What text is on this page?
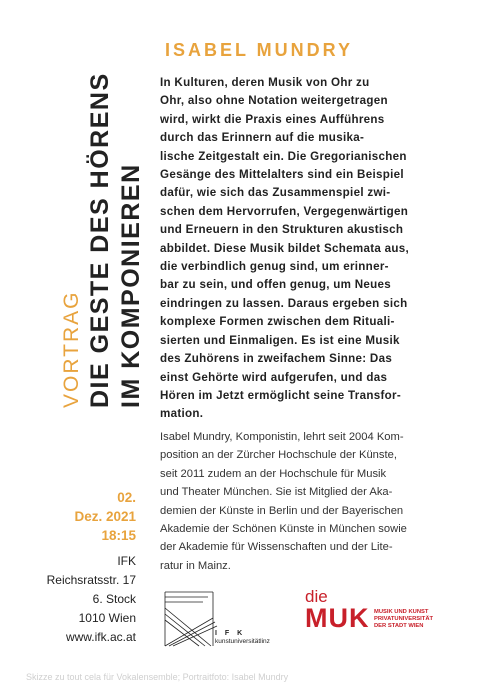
VORTRAG DIE GESTE DES HÖRENS IM KOMPONIEREN
ISABEL MUNDRY
In Kulturen, deren Musik von Ohr zu
Ohr, also ohne Notation weitergetragen
wird, wirkt die Praxis eines Aufführens
durch das Erinnern auf die musika-
lische Zeitgestalt ein. Die Gregorianischen
Gesänge des Mittelalters sind ein Beispiel
dafür, wie sich das Zusammenspiel zwi-
schen dem Hervorrufen, Vergegenwärtigen
und Erneuern in den Strukturen akustisch
abbildet. Diese Musik bildet Schemata aus,
die verbindlich genug sind, um erinner-
bar zu sein, und offen genug, um Neues
eindringen zu lassen. Daraus ergeben sich
komplexe Formen zwischen dem Rituali-
sierten und Einmaligen. Es ist eine Musik
des Zuhörens in zweifachem Sinne: Das
einst Gehörte wird aufgerufen, und das
Hören im Jetzt ermöglicht seine Transfor-
mation.
Isabel Mundry, Komponistin, lehrt seit 2004 Kom-
position an der Zürcher Hochschule der Künste,
seit 2011 zudem an der Hochschule für Musik
und Theater München. Sie ist Mitglied der Aka-
demien der Künste in Berlin und der Bayerischen
Akademie der Schönen Künste in München sowie
der Akademie für Wissenschaften und der Lite-
ratur in Mainz.
02.
Dez. 2021
18:15
IFK
Reichsratsstr. 17
6. Stock
1010 Wien
www.ifk.ac.at	I F K
kunstuniversitätlinz
die
MUK MUSIK UND KUNST
PRIVATUNIVERSITÄT
DER STADT WIEN
Skizze zu tout cela für Vokalensemble; Portraitfoto: Isabel Mundry
